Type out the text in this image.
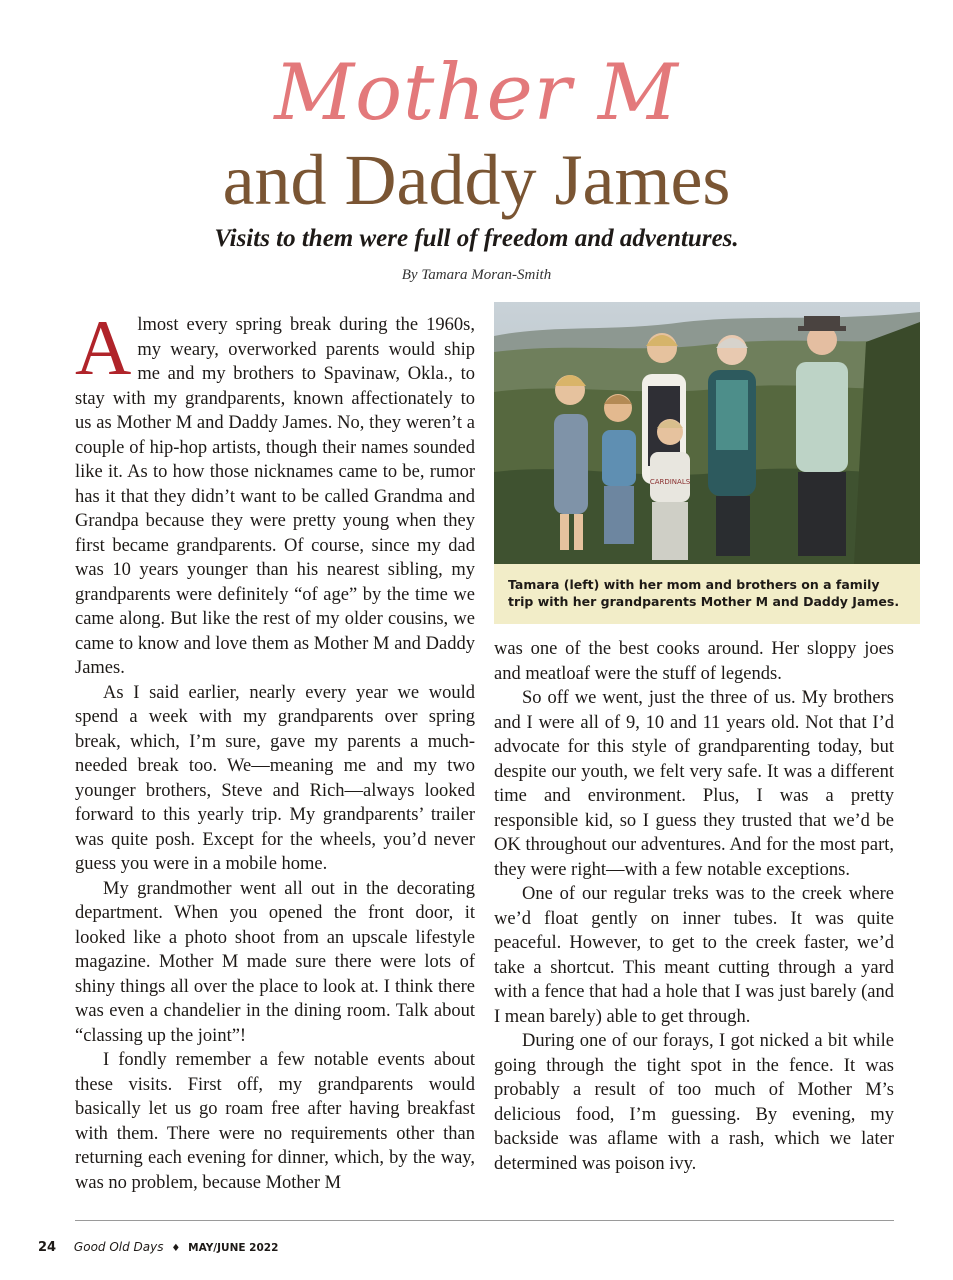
Mother M
and Daddy James
Visits to them were full of freedom and adventures.
By Tamara Moran-Smith

Almost every spring break during the 1960s, my weary, overworked parents would ship me and my brothers to Spavinaw, Okla., to stay with my grandparents, known affectionately to us as Mother M and Daddy James. No, they weren’t a couple of hip-hop artists, though their names sounded like it. As to how those nicknames came to be, rumor has it that they didn’t want to be called Grandma and Grandpa because they were pretty young when they first became grandparents. Of course, since my dad was 10 years younger than his nearest sibling, my grandparents were definitely “of age” by the time we came along. But like the rest of my older cousins, we came to know and love them as Mother M and Daddy James.

As I said earlier, nearly every year we would spend a week with my grandparents over spring break, which, I’m sure, gave my parents a much-needed break too. We—meaning me and my two younger brothers, Steve and Rich—always looked forward to this yearly trip. My grandparents’ trailer was quite posh. Except for the wheels, you’d never guess you were in a mobile home.

My grandmother went all out in the decorating department. When you opened the front door, it looked like a photo shoot from an upscale lifestyle magazine. Mother M made sure there were lots of shiny things all over the place to look at. I think there was even a chandelier in the dining room. Talk about “classing up the joint”!

I fondly remember a few notable events about these visits. First off, my grandparents would basically let us go roam free after having breakfast with them. There were no requirements other than returning each evening for dinner, which, by the way, was no problem, because Mother M

CARDINALS
Tamara (left) with her mom and brothers on a family trip with her grandparents Mother M and Daddy James.

was one of the best cooks around. Her sloppy joes and meatloaf were the stuff of legends.

So off we went, just the three of us. My brothers and I were all of 9, 10 and 11 years old. Not that I’d advocate for this style of grandparenting today, but despite our youth, we felt very safe. It was a different time and environment. Plus, I was a pretty responsible kid, so I guess they trusted that we’d be OK throughout our adventures. And for the most part, they were right—with a few notable exceptions.

One of our regular treks was to the creek where we’d float gently on inner tubes. It was quite peaceful. However, to get to the creek faster, we’d take a shortcut. This meant cutting through a yard with a fence that had a hole that I was just barely (and I mean barely) able to get through.

During one of our forays, I got nicked a bit while going through the tight spot in the fence. It was probably a result of too much of Mother M’s delicious food, I’m guessing. By evening, my backside was aflame with a rash, which we later determined was poison ivy.

24 Good Old Days ♦ MAY/JUNE 2022
